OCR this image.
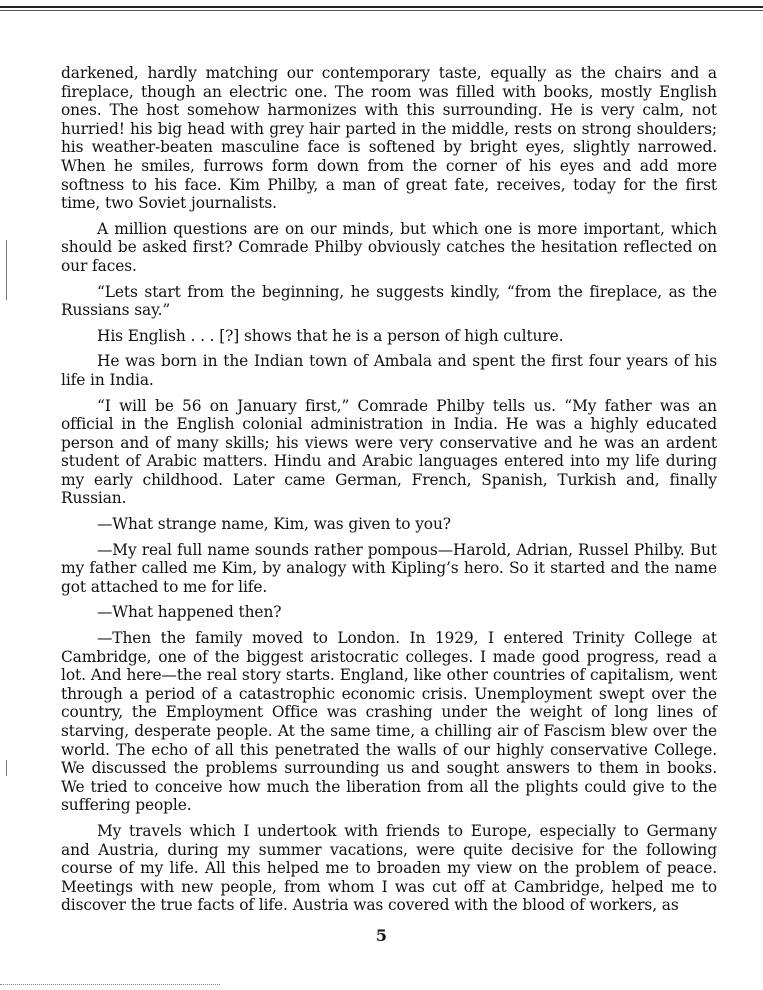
darkened, hardly matching our contemporary taste, equally as the chairs and a fireplace, though an electric one. The room was filled with books, mostly English ones. The host somehow harmonizes with this surrounding. He is very calm, not hurried! his big head with grey hair parted in the middle, rests on strong shoulders; his weather-beaten masculine face is softened by bright eyes, slightly narrowed. When he smiles, furrows form down from the corner of his eyes and add more softness to his face. Kim Philby, a man of great fate, receives, today for the first time, two Soviet journalists.

A million questions are on our minds, but which one is more important, which should be asked first? Comrade Philby obviously catches the hesitation reflected on our faces.

“Lets start from the beginning, he suggests kindly, “from the fireplace, as the Russians say.”

His English . . . [?] shows that he is a person of high culture.

He was born in the Indian town of Ambala and spent the first four years of his life in India.

“I will be 56 on January first,” Comrade Philby tells us. “My father was an official in the English colonial administration in India. He was a highly educated person and of many skills; his views were very conservative and he was an ardent student of Arabic matters. Hindu and Arabic languages entered into my life during my early childhood. Later came German, French, Spanish, Turkish and, finally Russian.

—What strange name, Kim, was given to you?

—My real full name sounds rather pompous—Harold, Adrian, Russel Philby. But my father called me Kim, by analogy with Kipling’s hero. So it started and the name got attached to me for life.

—What happened then?

—Then the family moved to London. In 1929, I entered Trinity College at Cambridge, one of the biggest aristocratic colleges. I made good progress, read a lot. And here—the real story starts. England, like other countries of capitalism, went through a period of a catastrophic economic crisis. Unemployment swept over the country, the Employment Office was crashing under the weight of long lines of starving, desperate people. At the same time, a chilling air of Fascism blew over the world. The echo of all this penetrated the walls of our highly conservative College. We discussed the problems surrounding us and sought answers to them in books. We tried to conceive how much the liberation from all the plights could give to the suffering people.

My travels which I undertook with friends to Europe, especially to Germany and Austria, during my summer vacations, were quite decisive for the following course of my life. All this helped me to broaden my view on the problem of peace. Meetings with new people, from whom I was cut off at Cambridge, helped me to discover the true facts of life. Austria was covered with the blood of workers, as

5
